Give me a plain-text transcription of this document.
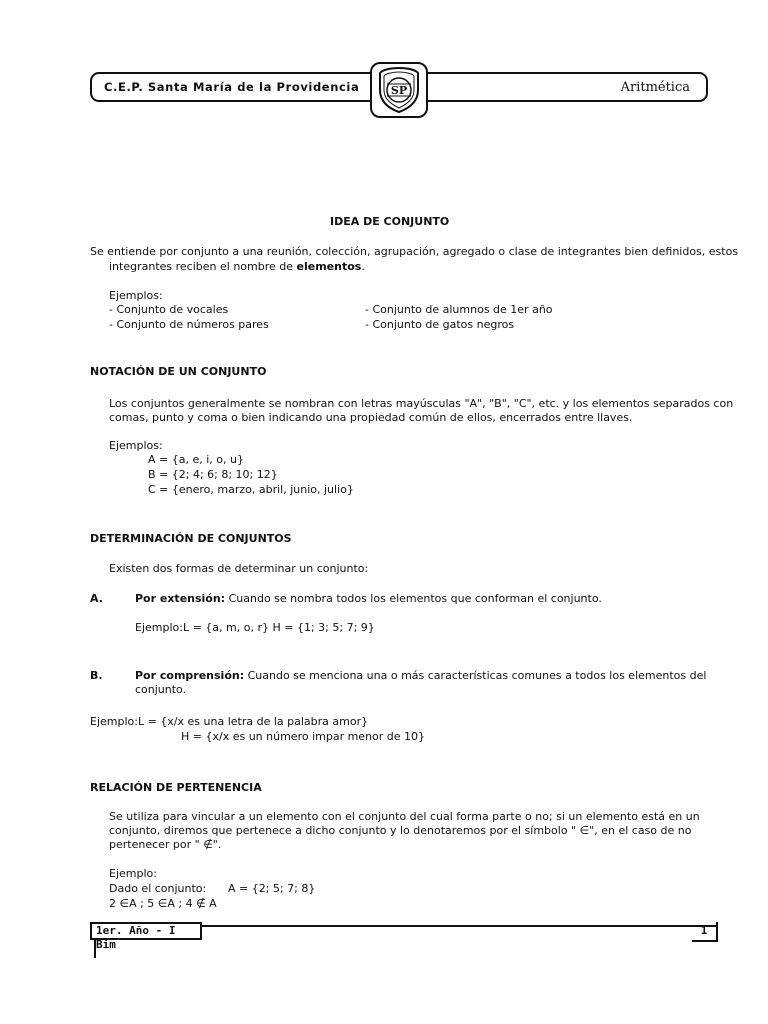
C.E.P. Santa María de la Providencia	Aritmética
SP
IDEA DE CONJUNTO
Se entiende por conjunto a una reunión, colección, agrupación, agregado o clase de integrantes bien definidos, estos
integrantes reciben el nombre de elementos.
Ejemplos:
- Conjunto de vocales	- Conjunto de alumnos de 1er año
- Conjunto de números pares	- Conjunto de gatos negros
NOTACIÓN DE UN CONJUNTO
Los conjuntos generalmente se nombran con letras mayúsculas "A", "B", "C", etc. y los elementos separados con
comas, punto y coma o bien indicando una propiedad común de ellos, encerrados entre llaves.
Ejemplos:
A = {a, e, i, o, u}
B = {2; 4; 6; 8; 10; 12}
C = {enero, marzo, abril, junio, julio}
DETERMINACIÓN DE CONJUNTOS
Existen dos formas de determinar un conjunto:
A.	Por extensión: Cuando se nombra todos los elementos que conforman el conjunto.
Ejemplo:L = {a, m, o, r} H = {1; 3; 5; 7; 9}
B.	Por comprensión: Cuando se menciona una o más características comunes a todos los elementos del
conjunto.
Ejemplo:L = {x/x es una letra de la palabra amor}
H = {x/x es un número impar menor de 10}
RELACIÓN DE PERTENENCIA
Se utiliza para vincular a un elemento con el conjunto del cual forma parte o no; si un elemento está en un
conjunto, diremos que pertenece a dicho conjunto y lo denotaremos por el símbolo " ∈", en el caso de no
pertenecer por " ∉".
Ejemplo:
Dado el conjunto: A = {2; 5; 7; 8}
2 ∈A ; 5 ∈A ; 4 ∉ A
1er. Año - I Bim
1
